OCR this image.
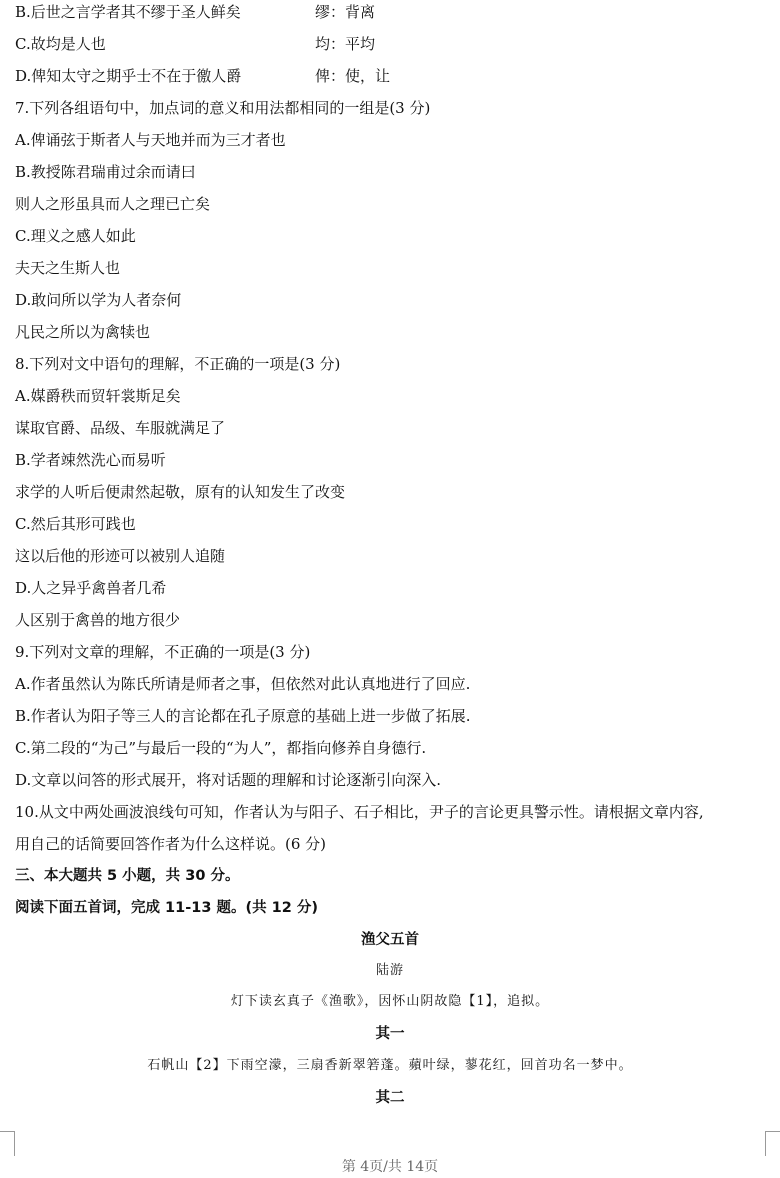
B.后世之言学者其不缪于圣人鲜矣	缪：背离
C.故均是人也	均：平均
D.俾知太守之期乎士不在于徼人爵	俾：使，让
7.下列各组语句中，加点词的意义和用法都相同的一组是(3 分)
A.俾诵弦于斯者人与天地并而为三才者也
B.教授陈君瑞甫过余而请曰
则人之形虽具而人之理已亡矣
C.理义之感人如此
夫天之生斯人也
D.敢问所以学为人者奈何
凡民之所以为禽犊也
8.下列对文中语句的理解，不正确的一项是(3 分)
A.媒爵秩而贸轩裳斯足矣
谋取官爵、品级、车服就满足了
B.学者竦然洗心而易听
求学的人听后便肃然起敬，原有的认知发生了改变
C.然后其形可践也
这以后他的形迹可以被别人追随
D.人之异乎禽兽者几希
人区别于禽兽的地方很少
9.下列对文章的理解，不正确的一项是(3 分)
A.作者虽然认为陈氏所请是师者之事，但依然对此认真地进行了回应.
B.作者认为阳子等三人的言论都在孔子原意的基础上进一步做了拓展.
C.第二段的“为己”与最后一段的“为人”，都指向修养自身德行.
D.文章以问答的形式展开，将对话题的理解和讨论逐渐引向深入.
10.从文中两处画波浪线句可知，作者认为与阳子、石子相比，尹子的言论更具警示性。请根据文章内容,
用自己的话简要回答作者为什么这样说。(6 分)
三、本大题共 5 小题，共 30 分。
阅读下面五首词，完成 11-13 题。(共 12 分)
渔父五首
陆游
灯下读玄真子《渔歌》，因怀山阴故隐【1】，追拟。
其一
石帆山【2】下雨空濛，三扇香新翠箬蓬。蘋叶绿，蓼花红，回首功名一梦中。
其二
第 4页/共 14页
